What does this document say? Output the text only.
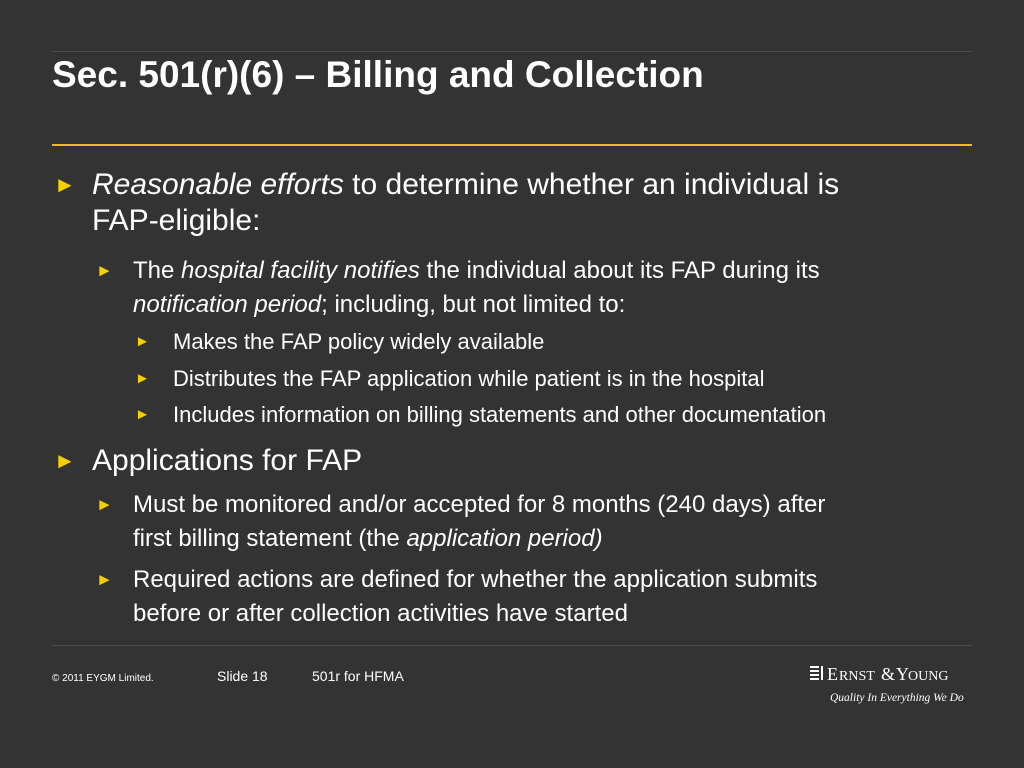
Sec. 501(r)(6) – Billing and Collection
► Reasonable efforts to determine whether an individual is
FAP-eligible:
► The hospital facility notifies the individual about its FAP during its
notification period; including, but not limited to:
► Makes the FAP policy widely available
► Distributes the FAP application while patient is in the hospital
► Includes information on billing statements and other documentation
► Applications for FAP
► Must be monitored and/or accepted for 8 months (240 days) after
first billing statement (the application period)
► Required actions are defined for whether the application submits
before or after collection activities have started
© 2011 EYGM Limited.	Slide 18	501r for HFMA	E RNST & Y OUNG
Quality In Everything We Do
